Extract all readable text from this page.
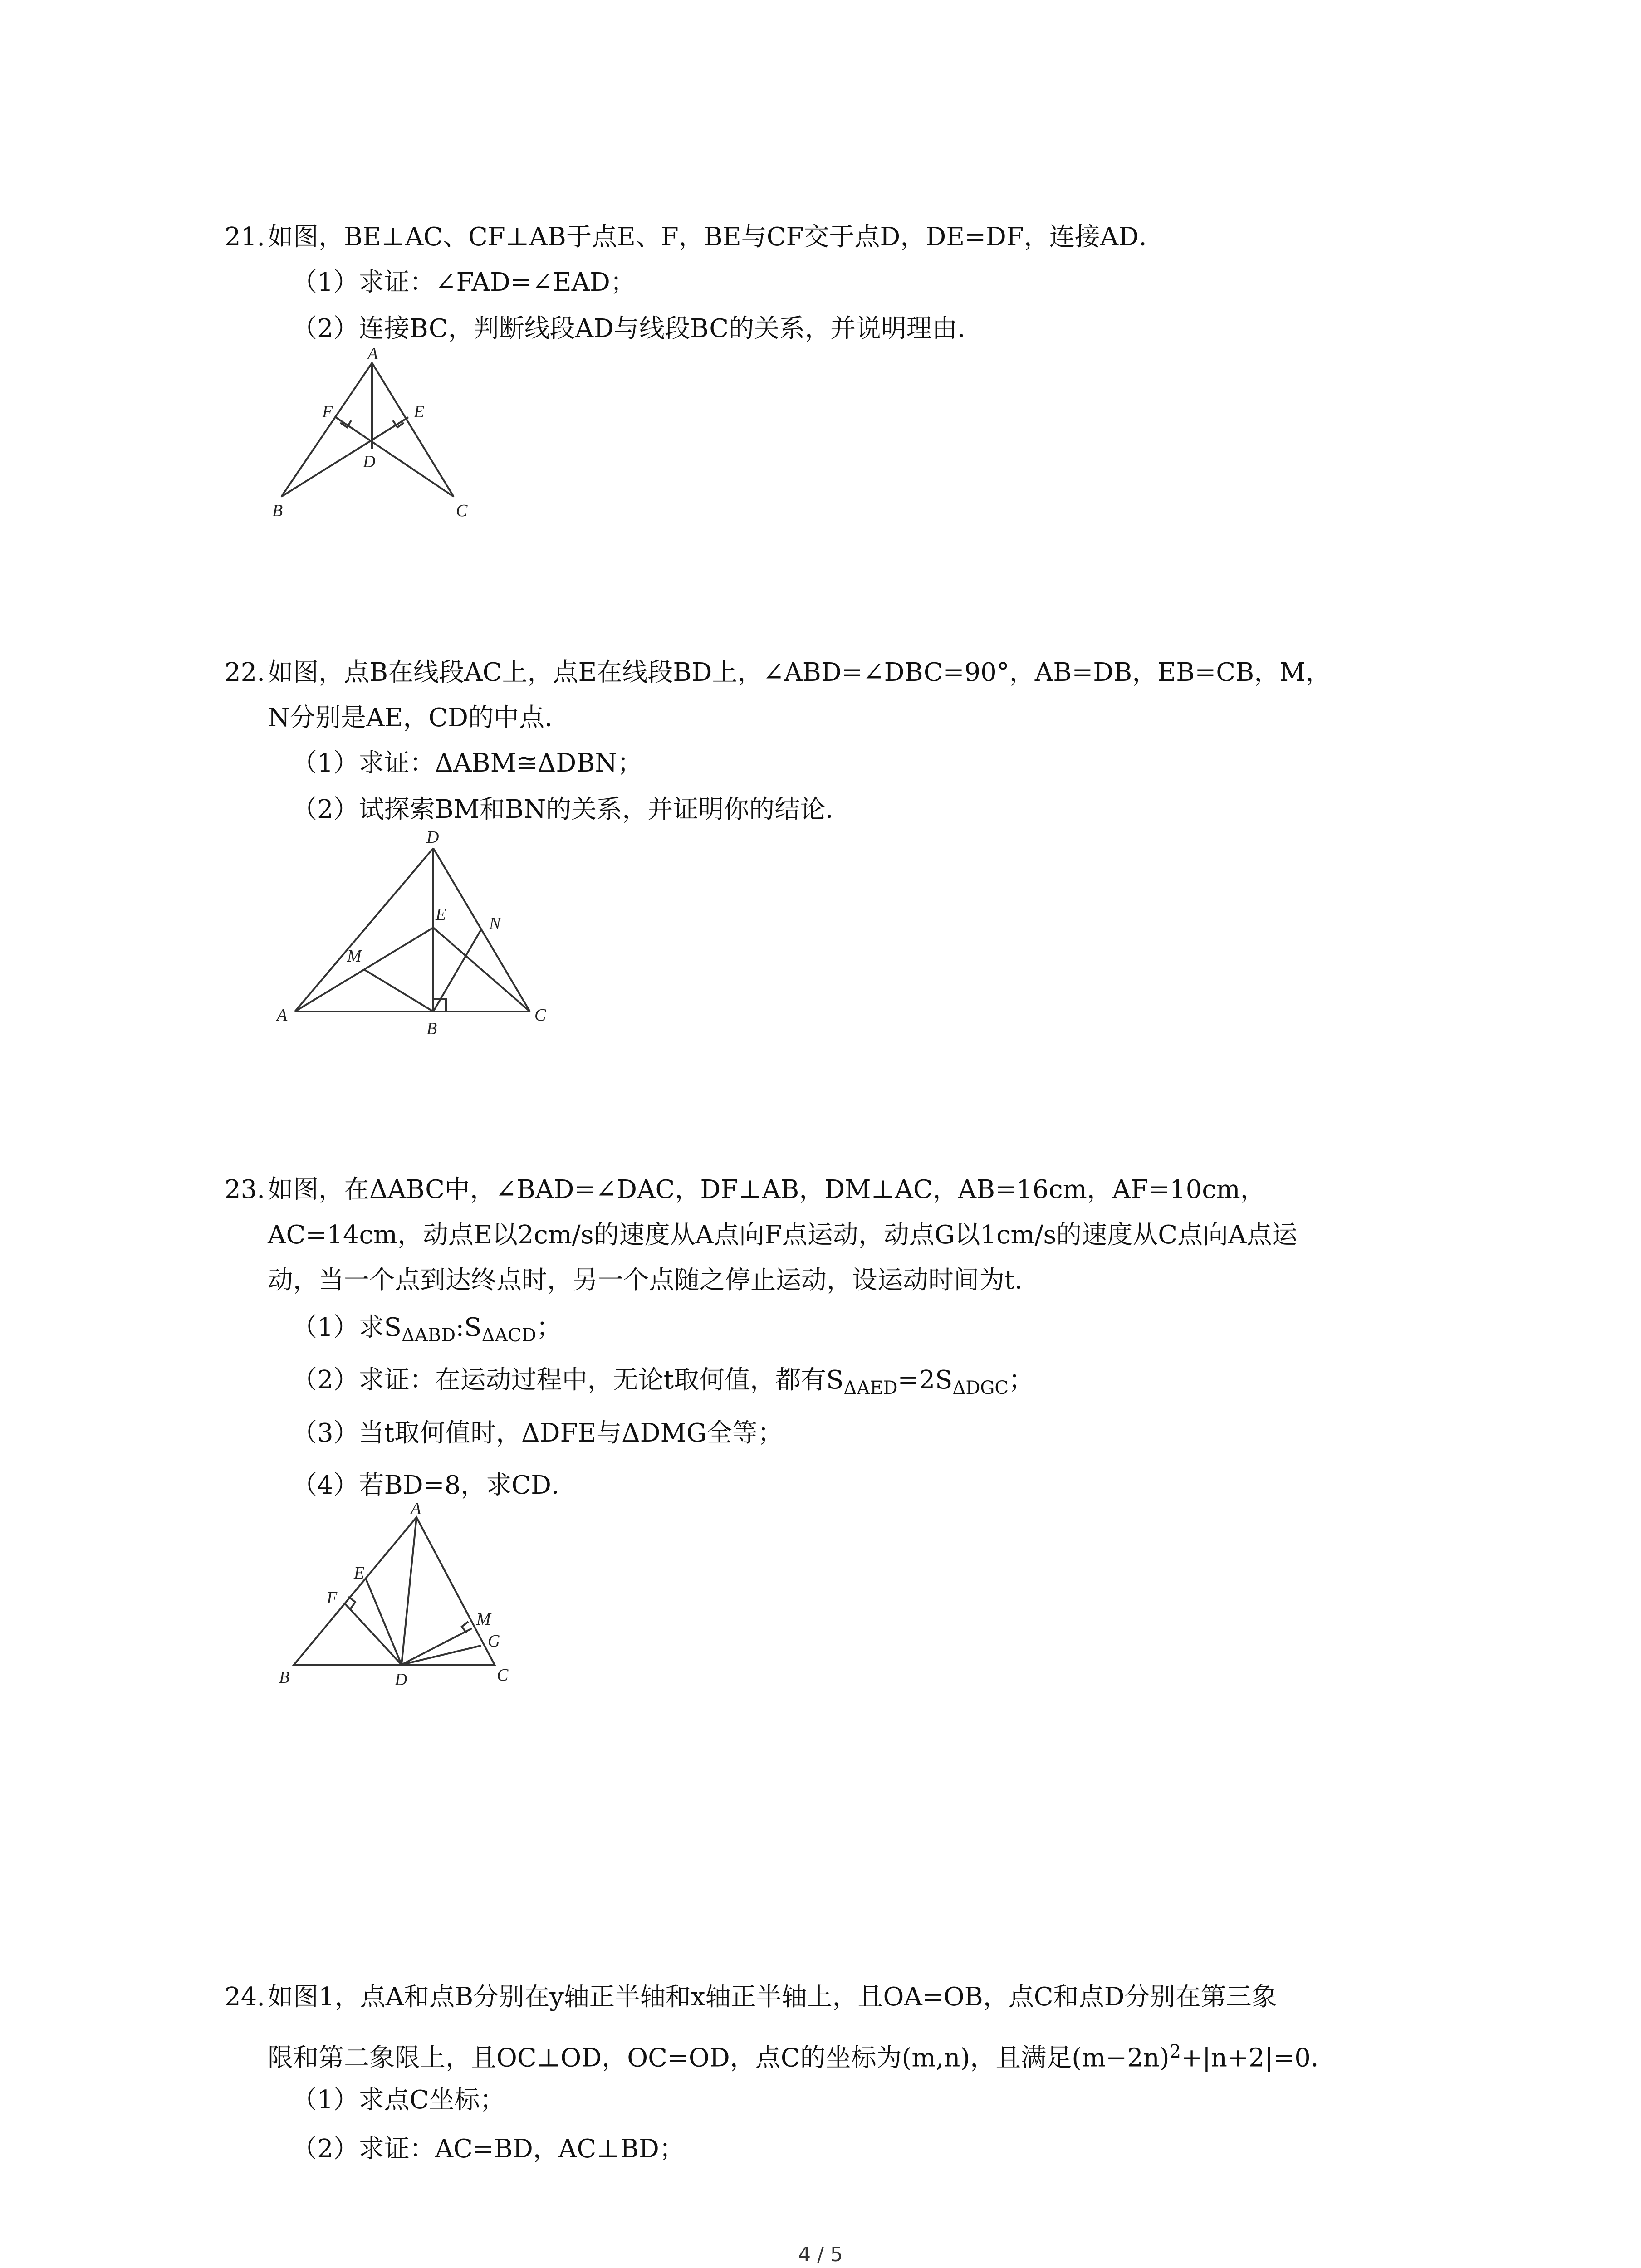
21. 如图，BE⊥AC、CF⊥AB于点E、F，BE与CF交于点D，DE=DF，连接AD．
（1）求证：∠FAD=∠EAD；
（2）连接BC，判断线段AD与线段BC的关系，并说明理由．
A
F	E
D
B	C
22. 如图，点B在线段AC上，点E在线段BD上，∠ABD=∠DBC=90°，AB=DB，EB=CB，M，
N分别是AE，CD的中点．
（1）求证：ΔABM≅ΔDBN；
（2）试探索BM和BN的关系，并证明你的结论．
D
E N
M
A
B
C
23. 如图，在ΔABC中，∠BAD=∠DAC，DF⊥AB，DM⊥AC，AB=16cm，AF=10cm，
AC=14cm，动点E以2cm/s的速度从A点向F点运动，动点G以1cm/s的速度从C点向A点运
动，当一个点到达终点时，另一个点随之停止运动，设运动时间为t．
（1）求$S_{\Delta ABD}:S_{\Delta ACD}$；
（2）求证：在运动过程中，无论t取何值，都有$S_{\Delta AED}=2S_{\Delta DGC}$；
（3）当t取何值时，ΔDFE与ΔDMG全等；
（4）若BD=8，求CD．
A
E
F
M
G
B	D	C
24. 如图1，点A和点B分别在y轴正半轴和x轴正半轴上，且OA=OB，点C和点D分别在第三象
限和第二象限上，且OC⊥OD，OC=OD，点C的坐标为(m,n)，且满足$(m-2n)^2+|n+2|=0$．
（1）求点C坐标；
（2）求证：AC=BD，AC⊥BD；
4 / 5
